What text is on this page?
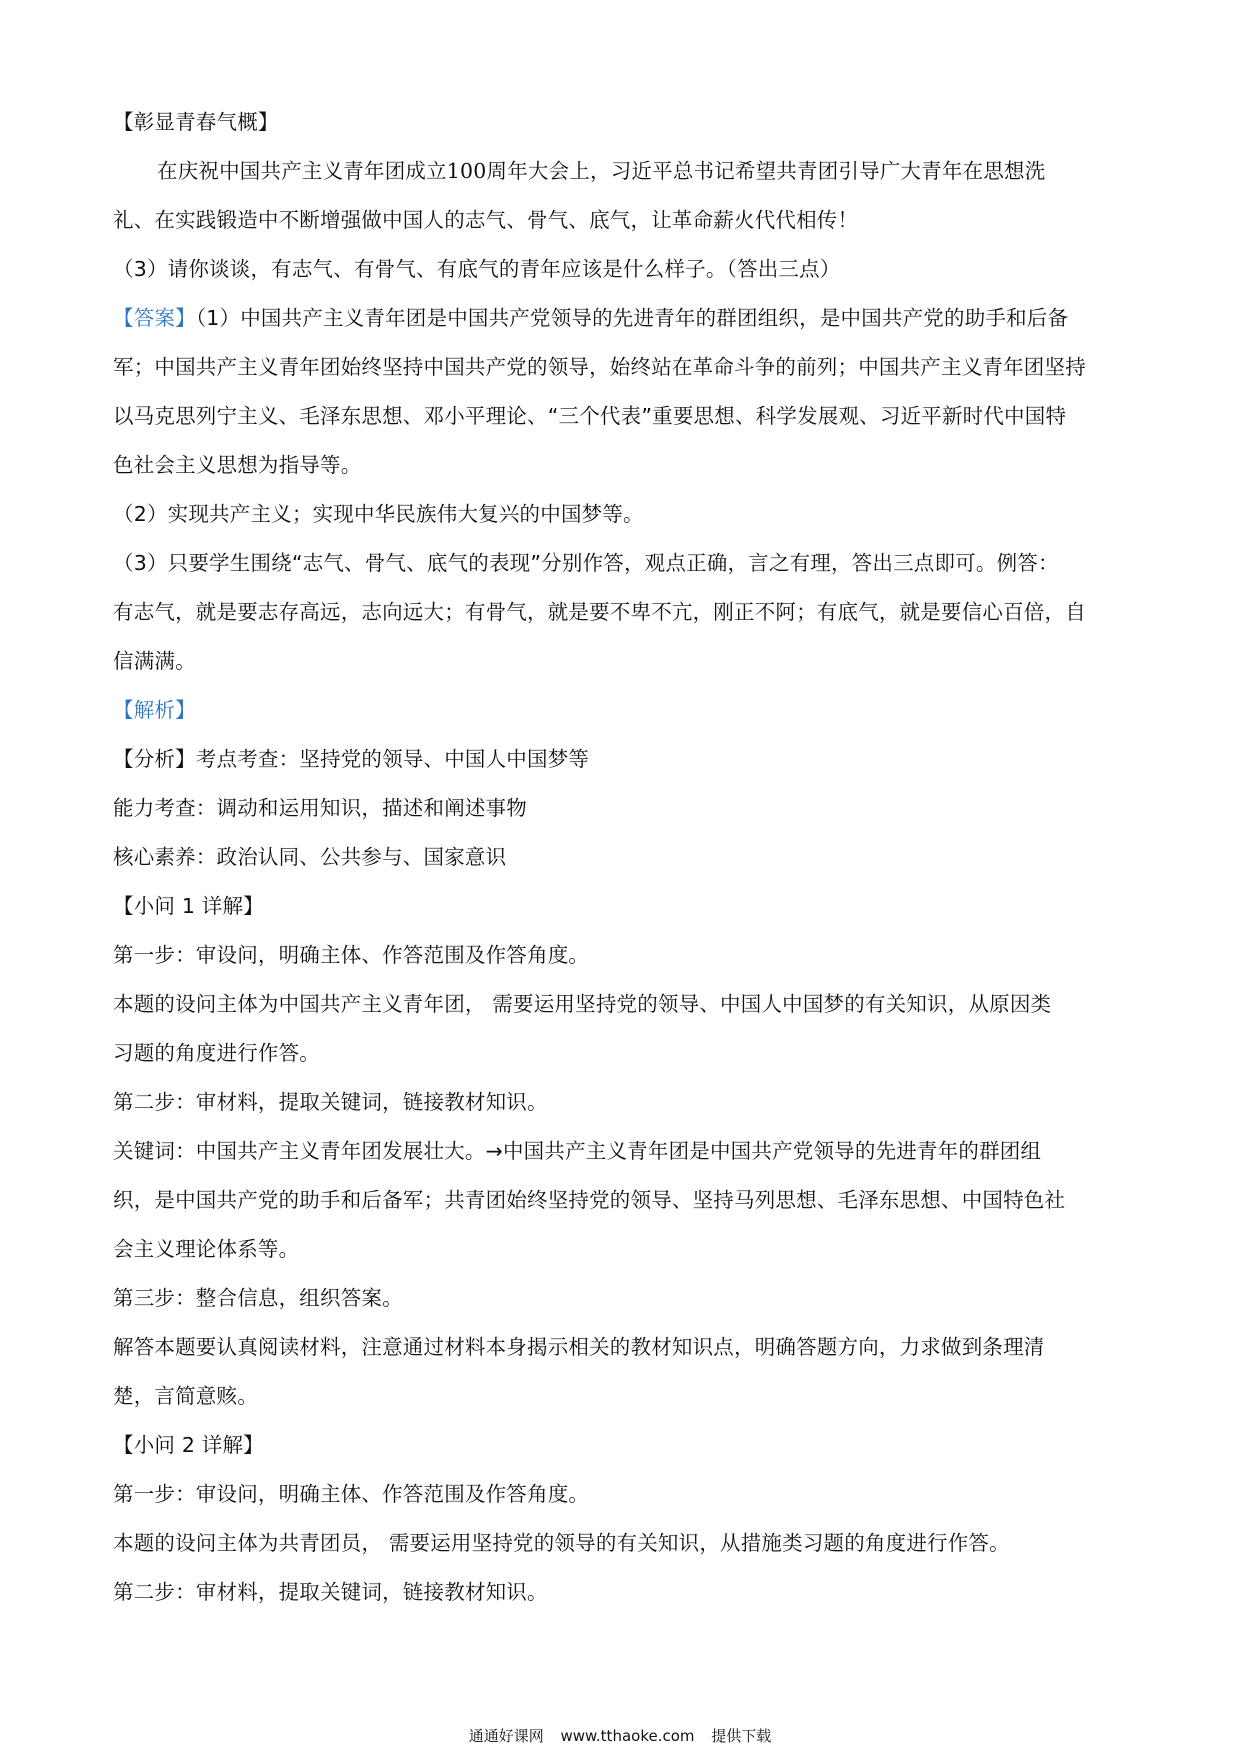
【彰显青春气概】
在庆祝中国共产主义青年团成立100周年大会上，习近平总书记希望共青团引导广大青年在思想洗
礼、在实践锻造中不断增强做中国人的志气、骨气、底气，让革命薪火代代相传！
（3）请你谈谈，有志气、有骨气、有底气的青年应该是什么样子。（答出三点）
【答案】（1）中国共产主义青年团是中国共产党领导的先进青年的群团组织，是中国共产党的助手和后备
军；中国共产主义青年团始终坚持中国共产党的领导，始终站在革命斗争的前列；中国共产主义青年团坚持
以马克思列宁主义、毛泽东思想、邓小平理论、“三个代表”重要思想、科学发展观、习近平新时代中国特
色社会主义思想为指导等。
（2）实现共产主义；实现中华民族伟大复兴的中国梦等。
（3）只要学生围绕“志气、骨气、底气的表现”分别作答，观点正确，言之有理，答出三点即可。例答：
有志气，就是要志存高远，志向远大；有骨气，就是要不卑不亢，刚正不阿；有底气，就是要信心百倍，自
信满满。
【解析】
【分析】考点考查：坚持党的领导、中国人中国梦等
能力考查：调动和运用知识，描述和阐述事物
核心素养：政治认同、公共参与、国家意识
【小问 1 详解】
第一步：审设问，明确主体、作答范围及作答角度。
本题的设问主体为中国共产主义青年团， 需要运用坚持党的领导、中国人中国梦的有关知识，从原因类
习题的角度进行作答。
第二步：审材料，提取关键词，链接教材知识。
关键词：中国共产主义青年团发展壮大。→中国共产主义青年团是中国共产党领导的先进青年的群团组
织，是中国共产党的助手和后备军；共青团始终坚持党的领导、坚持马列思想、毛泽东思想、中国特色社
会主义理论体系等。
第三步：整合信息，组织答案。
解答本题要认真阅读材料，注意通过材料本身揭示相关的教材知识点，明确答题方向，力求做到条理清
楚，言简意赅。
【小问 2 详解】
第一步：审设问，明确主体、作答范围及作答角度。
本题的设问主体为共青团员， 需要运用坚持党的领导的有关知识，从措施类习题的角度进行作答。
第二步：审材料，提取关键词，链接教材知识。
通通好课网 www.tthaoke.com 提供下载
